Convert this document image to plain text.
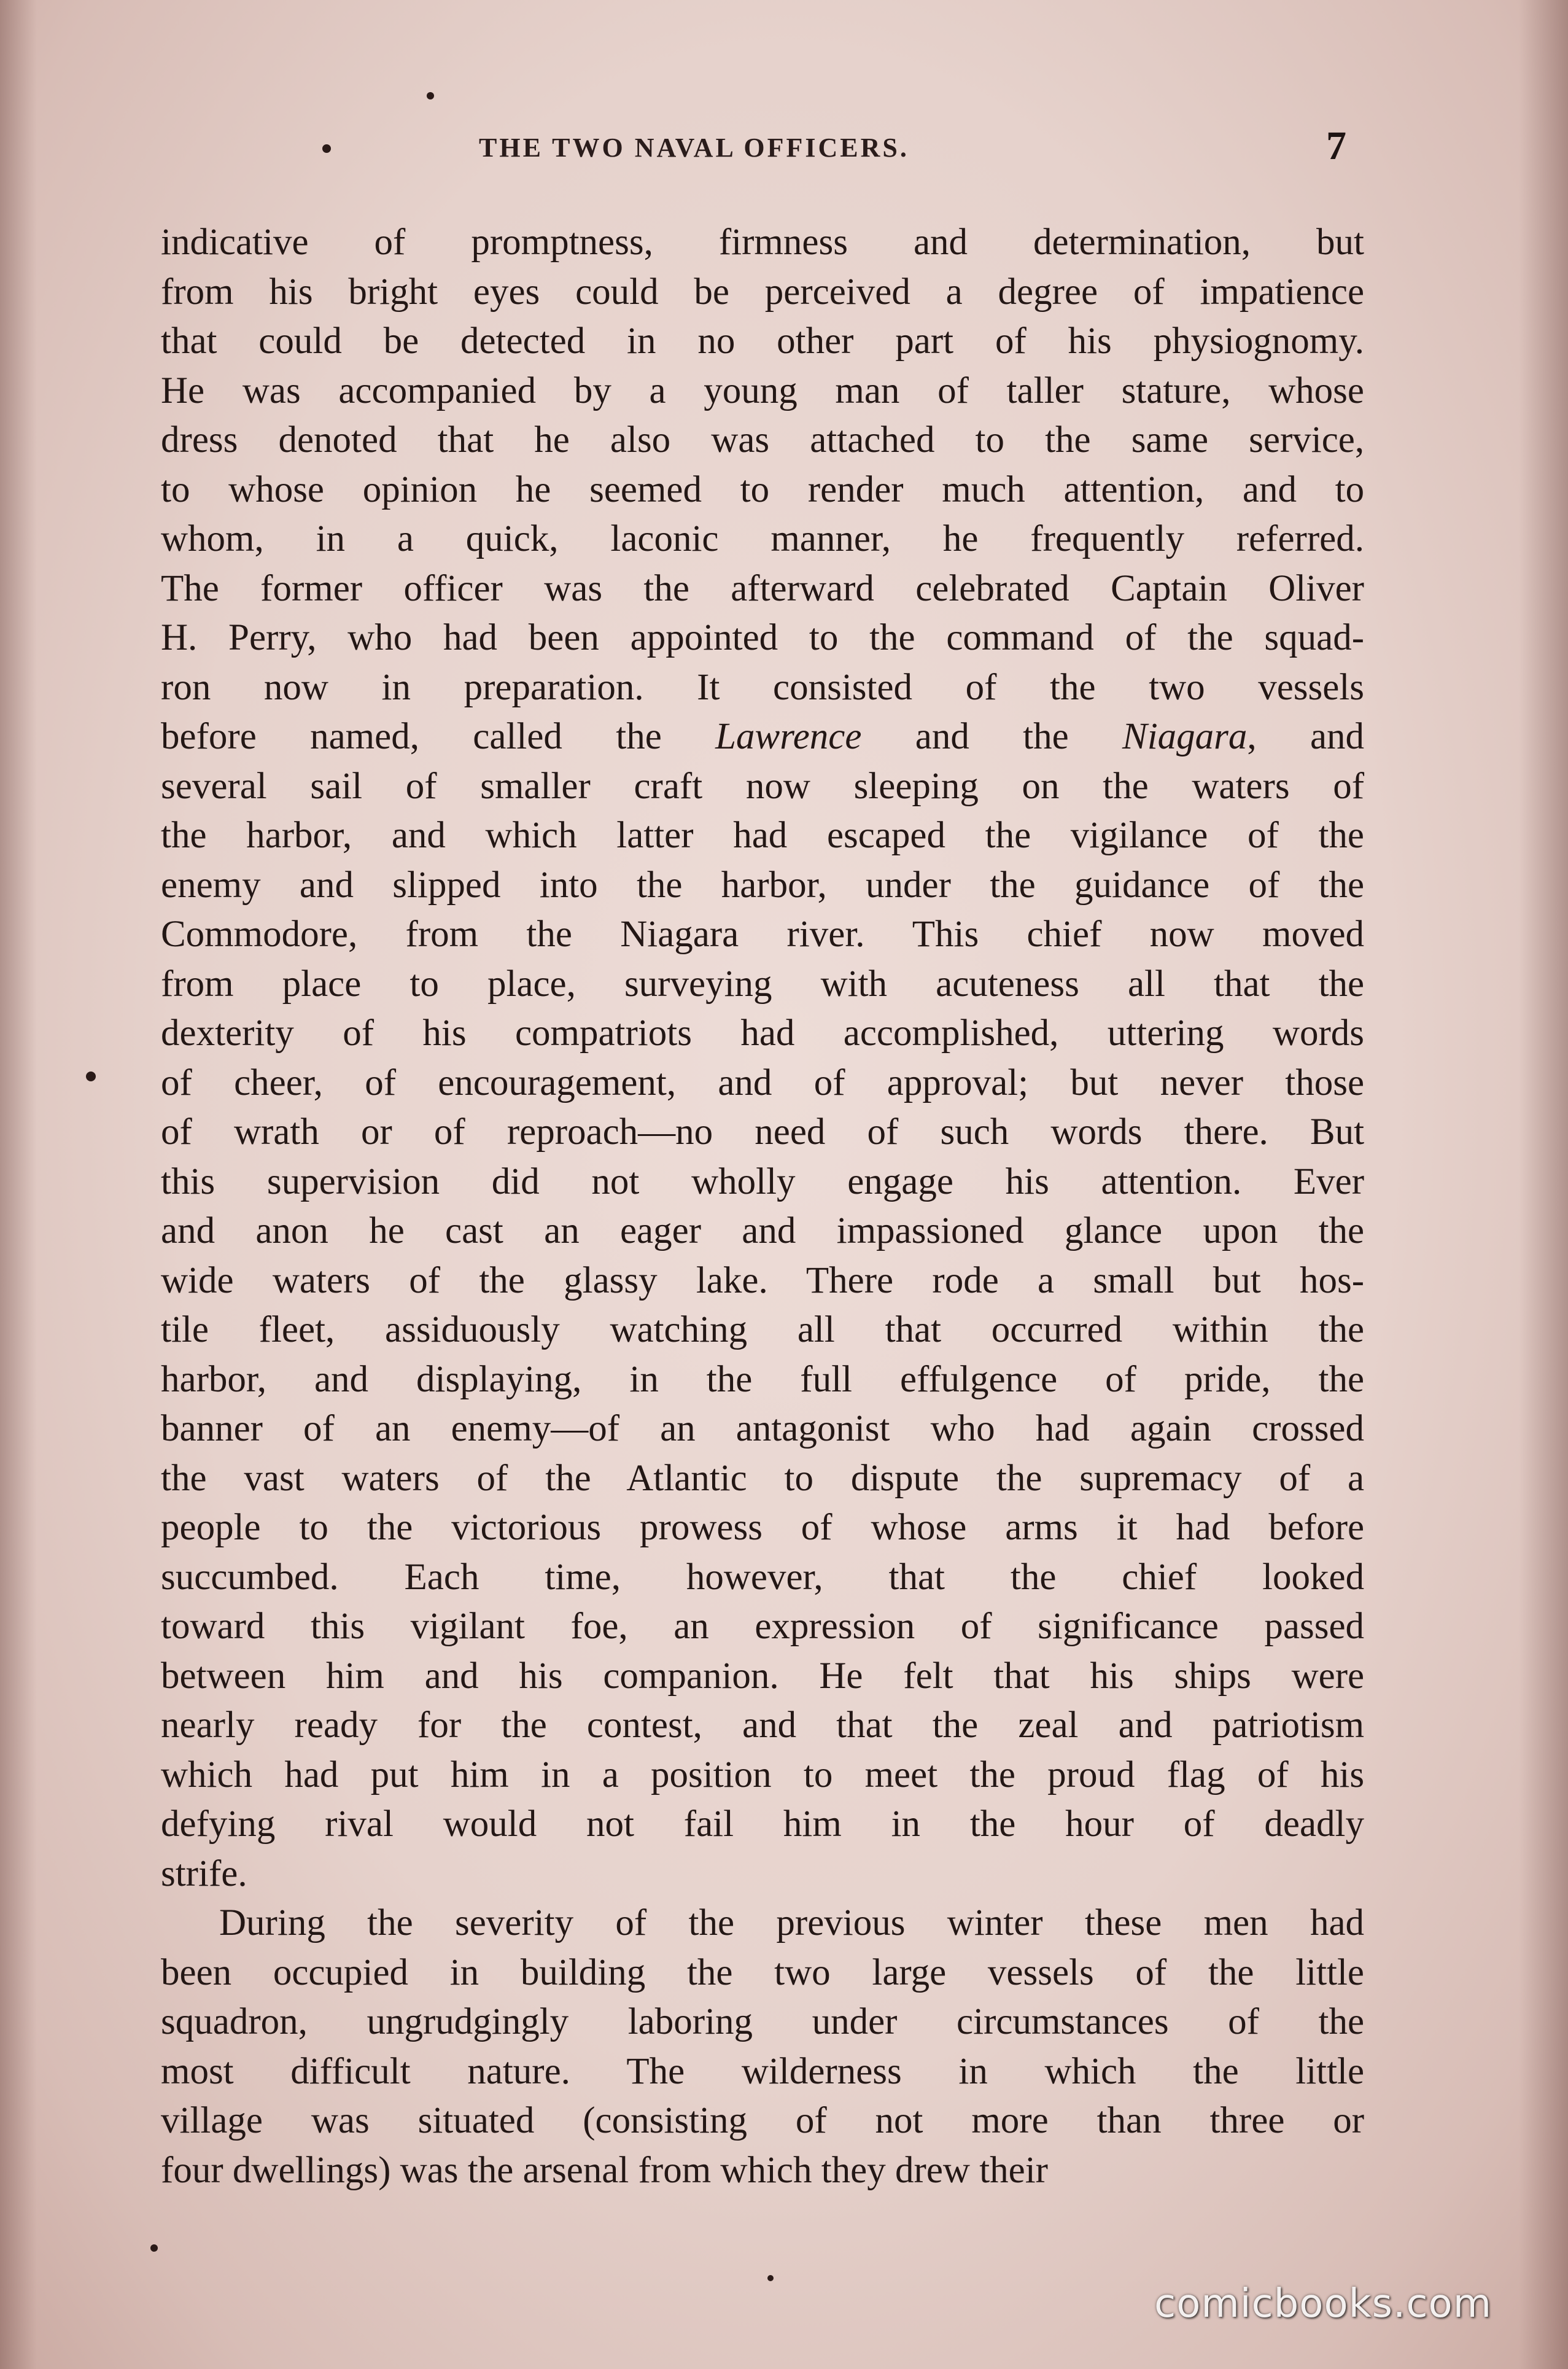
THE TWO NAVAL OFFICERS.	7

indicative of promptness, firmness and determination, but
from his bright eyes could be perceived a degree of impatience
that could be detected in no other part of his physiognomy.
He was accompanied by a young man of taller stature, whose
dress denoted that he also was attached to the same service,
to whose opinion he seemed to render much attention, and to
whom, in a quick, laconic manner, he frequently referred.
The former officer was the afterward celebrated Captain Oliver
H. Perry, who had been appointed to the command of the squad-
ron now in preparation. It consisted of the two vessels
before named, called the Lawrence and the Niagara, and
several sail of smaller craft now sleeping on the waters of
the harbor, and which latter had escaped the vigilance of the
enemy and slipped into the harbor, under the guidance of the
Commodore, from the Niagara river. This chief now moved
from place to place, surveying with acuteness all that the
dexterity of his compatriots had accomplished, uttering words
of cheer, of encouragement, and of approval; but never those
of wrath or of reproach—no need of such words there. But
this supervision did not wholly engage his attention. Ever
and anon he cast an eager and impassioned glance upon the
wide waters of the glassy lake. There rode a small but hos-
tile fleet, assiduously watching all that occurred within the
harbor, and displaying, in the full effulgence of pride, the
banner of an enemy—of an antagonist who had again crossed
the vast waters of the Atlantic to dispute the supremacy of a
people to the victorious prowess of whose arms it had before
succumbed. Each time, however, that the chief looked
toward this vigilant foe, an expression of significance passed
between him and his companion. He felt that his ships were
nearly ready for the contest, and that the zeal and patriotism
which had put him in a position to meet the proud flag of his
defying rival would not fail him in the hour of deadly
strife.

During the severity of the previous winter these men had
been occupied in building the two large vessels of the little
squadron, ungrudgingly laboring under circumstances of the
most difficult nature. The wilderness in which the little
village was situated (consisting of not more than three or
four dwellings) was the arsenal from which they drew their

comicbooks.com
